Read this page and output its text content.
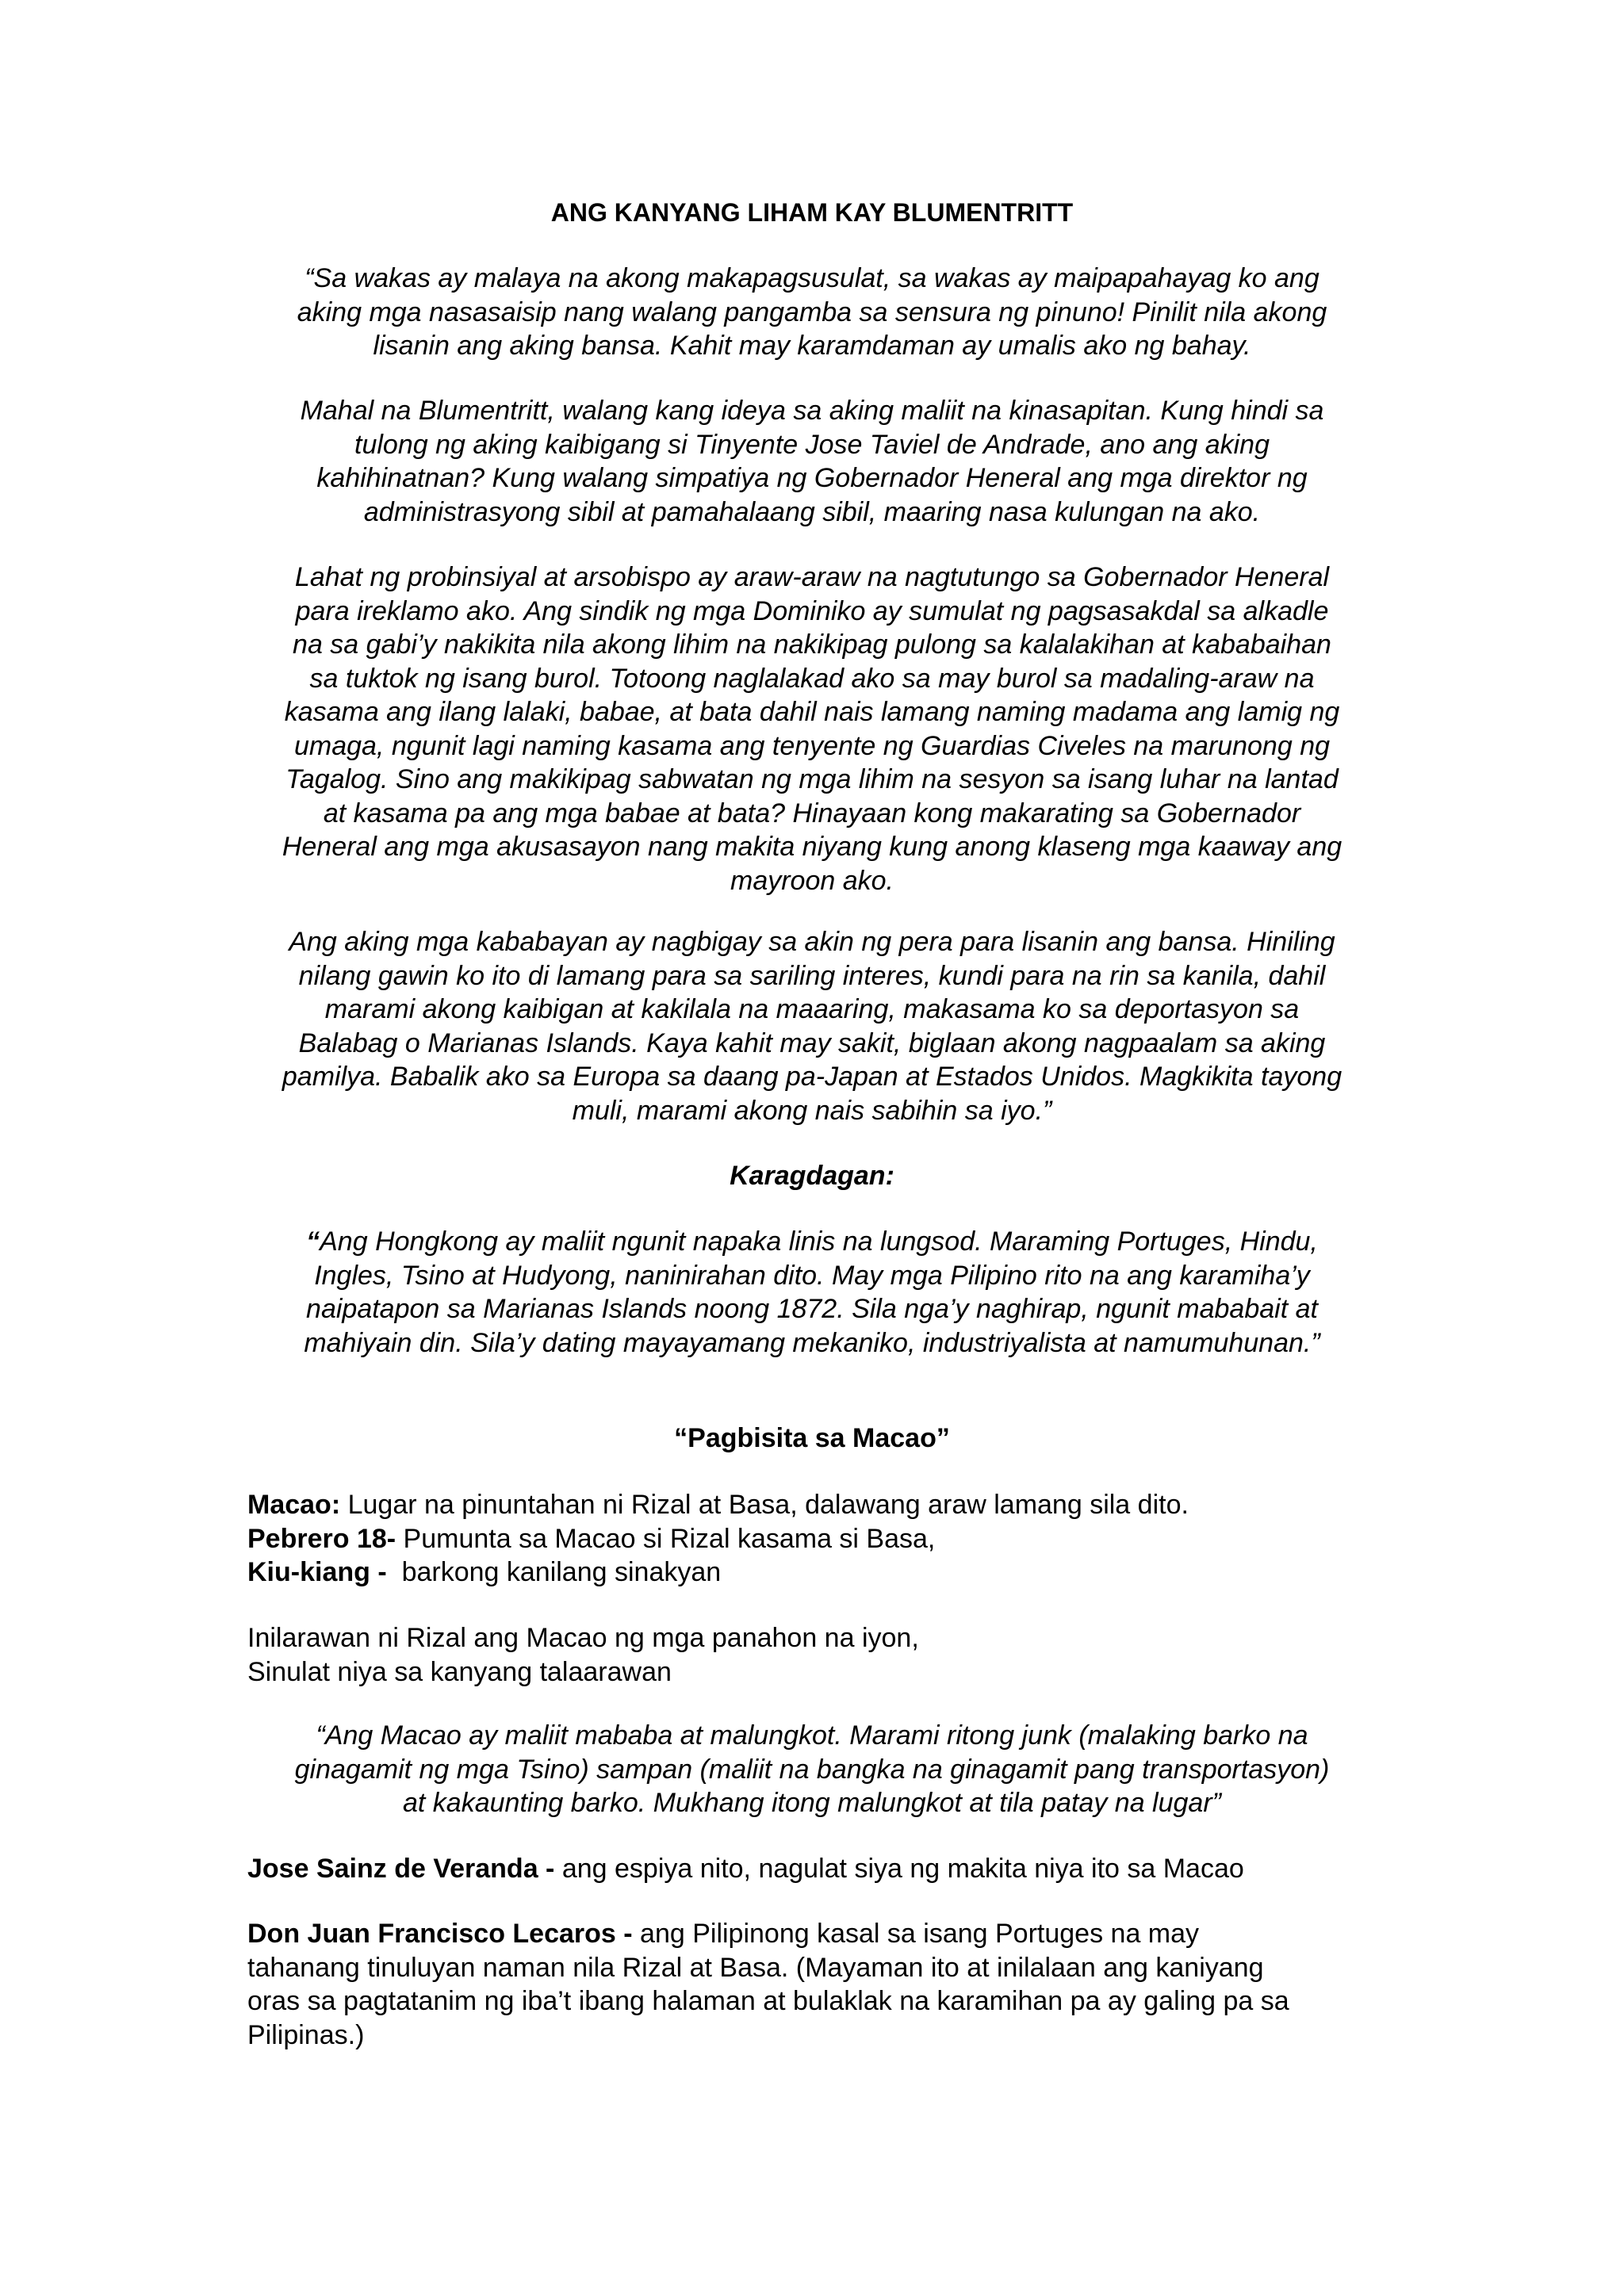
ANG KANYANG LIHAM KAY BLUMENTRITT
“Sa wakas ay malaya na akong makapagsusulat, sa wakas ay maipapahayag ko ang
aking mga nasasaisip nang walang pangamba sa sensura ng pinuno! Pinilit nila akong
lisanin ang aking bansa. Kahit may karamdaman ay umalis ako ng bahay.
Mahal na Blumentritt, walang kang ideya sa aking maliit na kinasapitan. Kung hindi sa
tulong ng aking kaibigang si Tinyente Jose Taviel de Andrade, ano ang aking
kahihinatnan? Kung walang simpatiya ng Gobernador Heneral ang mga direktor ng
administrasyong sibil at pamahalaang sibil, maaring nasa kulungan na ako.
Lahat ng probinsiyal at arsobispo ay araw-araw na nagtutungo sa Gobernador Heneral
para ireklamo ako. Ang sindik ng mga Dominiko ay sumulat ng pagsasakdal sa alkadle
na sa gabi’y nakikita nila akong lihim na nakikipag pulong sa kalalakihan at kababaihan
sa tuktok ng isang burol. Totoong naglalakad ako sa may burol sa madaling-araw na
kasama ang ilang lalaki, babae, at bata dahil nais lamang naming madama ang lamig ng
umaga, ngunit lagi naming kasama ang tenyente ng Guardias Civeles na marunong ng
Tagalog. Sino ang makikipag sabwatan ng mga lihim na sesyon sa isang luhar na lantad
at kasama pa ang mga babae at bata? Hinayaan kong makarating sa Gobernador
Heneral ang mga akusasayon nang makita niyang kung anong klaseng mga kaaway ang
mayroon ako.
Ang aking mga kababayan ay nagbigay sa akin ng pera para lisanin ang bansa. Hiniling
nilang gawin ko ito di lamang para sa sariling interes, kundi para na rin sa kanila, dahil
marami akong kaibigan at kakilala na maaaring, makasama ko sa deportasyon sa
Balabag o Marianas Islands. Kaya kahit may sakit, biglaan akong nagpaalam sa aking
pamilya. Babalik ako sa Europa sa daang pa-Japan at Estados Unidos. Magkikita tayong
muli, marami akong nais sabihin sa iyo.”
Karagdagan:
“Ang Hongkong ay maliit ngunit napaka linis na lungsod. Maraming Portuges, Hindu,
Ingles, Tsino at Hudyong, naninirahan dito. May mga Pilipino rito na ang karamiha’y
naipatapon sa Marianas Islands noong 1872. Sila nga’y naghirap, ngunit mababait at
mahiyain din. Sila’y dating mayayamang mekaniko, industriyalista at namumuhunan.”
“Pagbisita sa Macao”
Macao: Lugar na pinuntahan ni Rizal at Basa, dalawang araw lamang sila dito.
Pebrero 18- Pumunta sa Macao si Rizal kasama si Basa,
Kiu-kiang -  barkong kanilang sinakyan
Inilarawan ni Rizal ang Macao ng mga panahon na iyon,
Sinulat niya sa kanyang talaarawan
“Ang Macao ay maliit mababa at malungkot. Marami ritong junk (malaking barko na
ginagamit ng mga Tsino) sampan (maliit na bangka na ginagamit pang transportasyon)
at kakaunting barko. Mukhang itong malungkot at tila patay na lugar”
Jose Sainz de Veranda - ang espiya nito, nagulat siya ng makita niya ito sa Macao
Don Juan Francisco Lecaros - ang Pilipinong kasal sa isang Portuges na may
tahanang tinuluyan naman nila Rizal at Basa. (Mayaman ito at inilalaan ang kaniyang
oras sa pagtatanim ng iba’t ibang halaman at bulaklak na karamihan pa ay galing pa sa
Pilipinas.)
